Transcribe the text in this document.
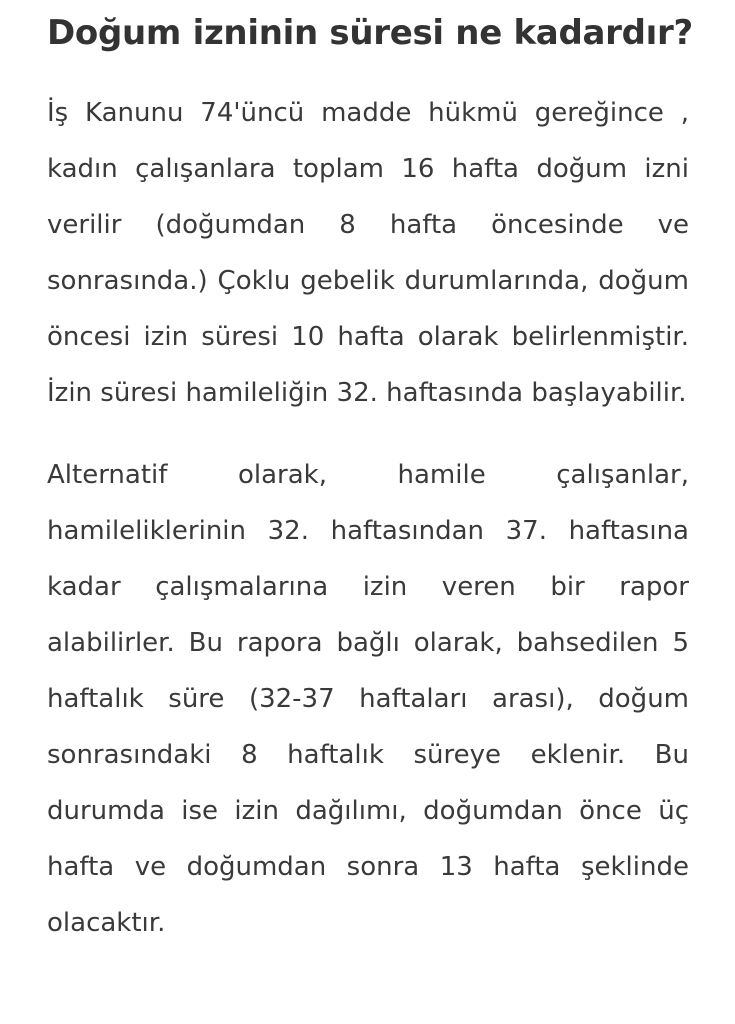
Doğum izninin süresi ne kadardır?

İş Kanunu 74'üncü madde hükmü gereğince , kadın çalışanlara toplam 16 hafta doğum izni verilir (doğumdan 8 hafta öncesinde ve sonrasında.) Çoklu gebelik durumlarında, doğum öncesi izin süresi 10 hafta olarak belirlenmiştir. İzin süresi hamileliğin 32. haftasında başlayabilir.

Alternatif olarak, hamile çalışanlar, hamileliklerinin 32. haftasından 37. haftasına kadar çalışmalarına izin veren bir rapor alabilirler. Bu rapora bağlı olarak, bahsedilen 5 haftalık süre (32-37 haftaları arası), doğum sonrasındaki 8 haftalık süreye eklenir. Bu durumda ise izin dağılımı, doğumdan önce üç hafta ve doğumdan sonra 13 hafta şeklinde olacaktır.
